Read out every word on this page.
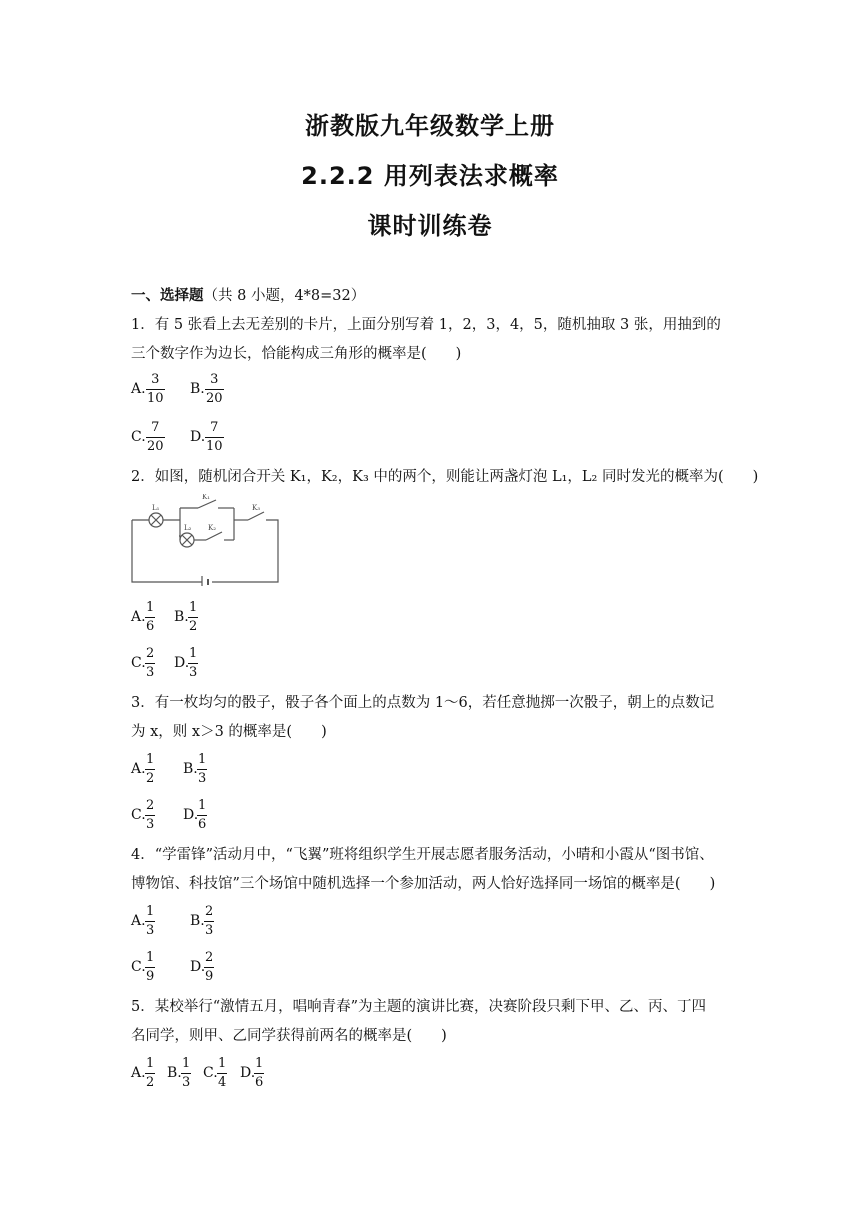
浙教版九年级数学上册
2.2.2 用列表法求概率
课时训练卷
一、选择题（共 8 小题，4*8=32）
1．有 5 张看上去无差别的卡片，上面分别写着 1，2，3，4，5，随机抽取 3 张，用抽到的
三个数字作为边长，恰能构成三角形的概率是(　　)
A. $\frac{3}{10} B$. $\frac{3}{20}$
C. $\frac{7}{20} D$. $\frac{7}{10}$
2．如图，随机闭合开关 K₁，K₂，K₃ 中的两个，则能让两盏灯泡 L₁，L₂ 同时发光的概率为(　　)
L₁
L₂
K₁
K₂
K₃
A. $\frac{1}{6} B$. $\frac{1}{2}$
C. $\frac{2}{3} D$.
$\frac{1}{3}$
3．有一枚均匀的骰子，骰子各个面上的点数为 1～6，若任意抛掷一次骰子，朝上的点数记
为 x，则 x＞3 的概率是(　　)
A. $\frac{1}{2} B$. $\frac{1}{3}$
C. $\frac{2}{3} D$.
$\frac{1}{6}$
4．“学雷锋”活动月中，“飞翼”班将组织学生开展志愿者服务活动，小晴和小霞从“图书馆、
博物馆、科技馆”三个场馆中随机选择一个参加活动，两人恰好选择同一场馆的概率是(　　)
A. $\frac{1}{3} B$. $\frac{2}{3}$
C. $\frac{1}{9} D$.
$\frac{2}{9}$
5．某校举行“激情五月，唱响青春”为主题的演讲比赛，决赛阶段只剩下甲、乙、丙、丁四
名同学，则甲、乙同学获得前两名的概率是(　　)
A. $\frac{1}{2} B$. $\frac{1}{3} C$. $\frac{1}{4} D$.
$\frac{1}{6}$
